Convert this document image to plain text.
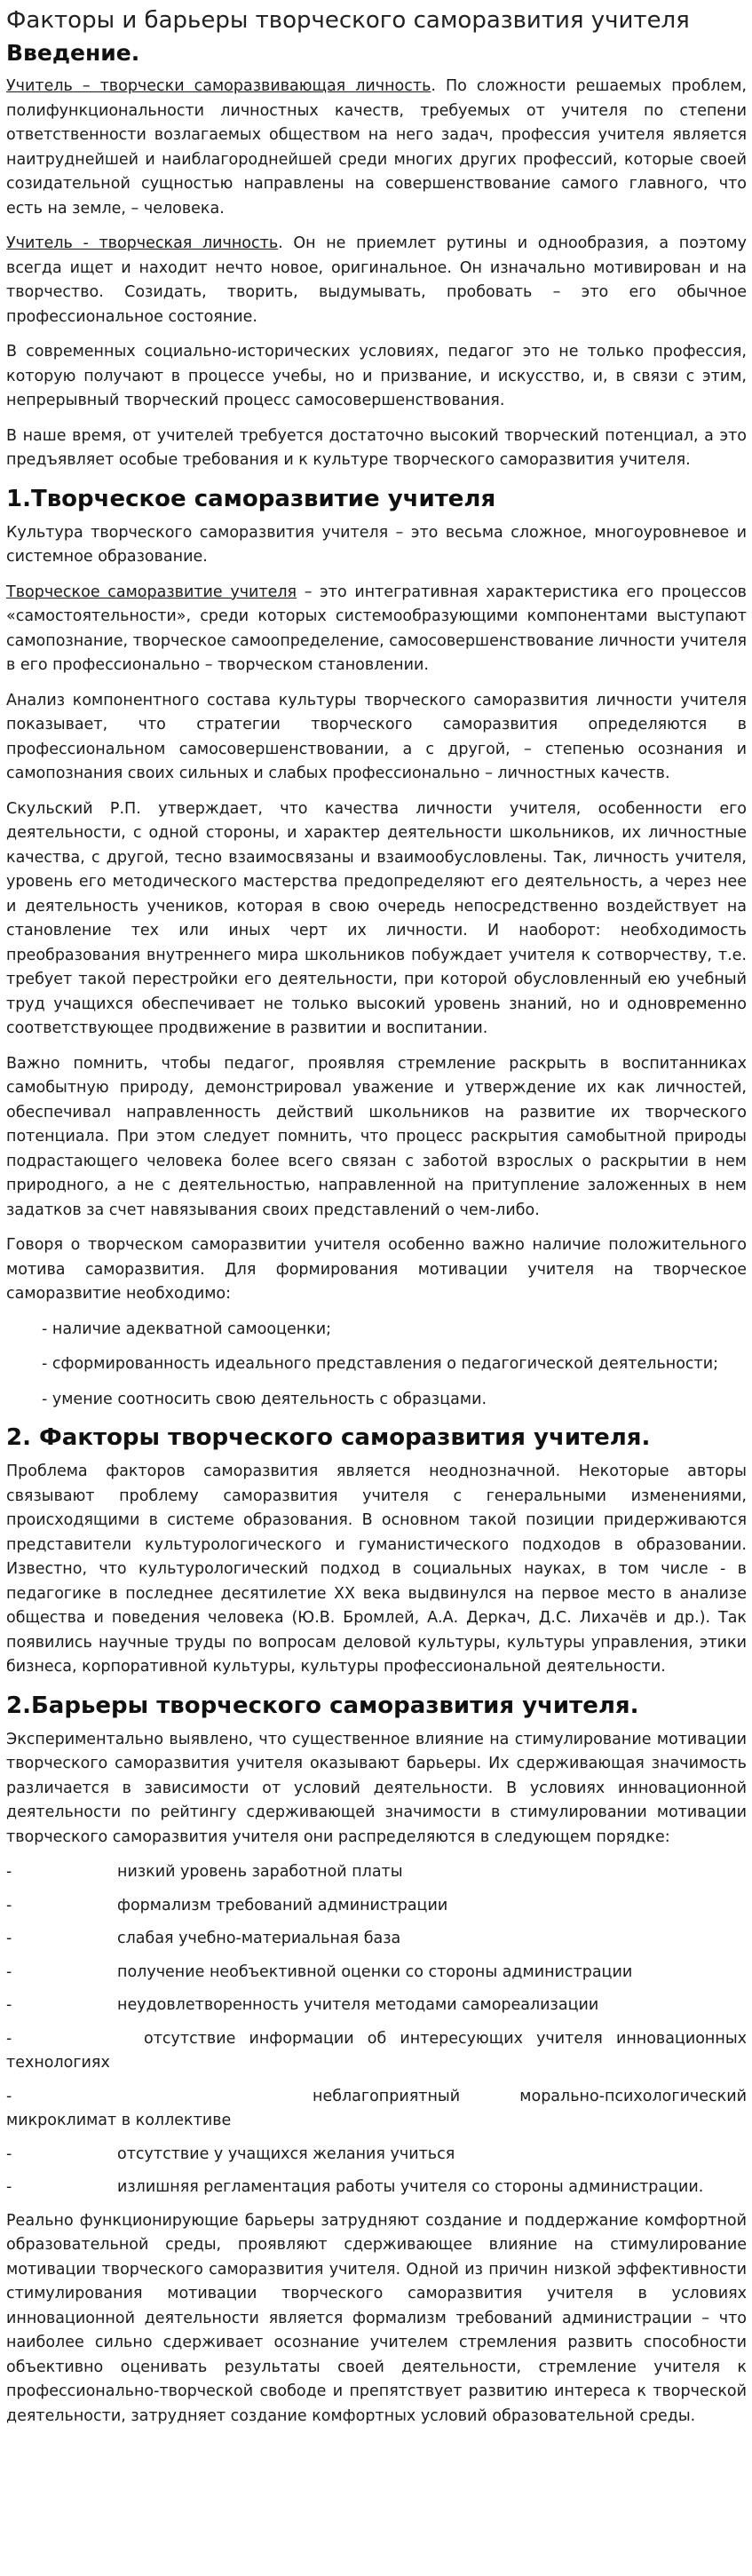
Факторы и барьеры творческого саморазвития учителя
Введение.

Учитель – творчески саморазвивающая личность. По сложности решаемых проблем, полифункциональности личностных качеств, требуемых от учителя по степени ответственности возлагаемых обществом на него задач, профессия учителя является наитруднейшей и наиблагороднейшей среди многих других профессий, которые своей созидательной сущностью направлены на совершенствование самого главного, что есть на земле, – человека.

Учитель - творческая личность. Он не приемлет рутины и однообразия, а поэтому всегда ищет и находит нечто новое, оригинальное. Он изначально мотивирован и на творчество. Созидать, творить, выдумывать, пробовать – это его обычное профессиональное состояние.

В современных социально-исторических условиях, педагог это не только профессия, которую получают в процессе учебы, но и призвание, и искусство, и, в связи с этим, непрерывный творческий процесс самосовершенствования.

В наше время, от учителей требуется достаточно высокий творческий потенциал, а это предъявляет особые требования и к культуре творческого саморазвития учителя.

1.Творческое саморазвитие учителя

Культура творческого саморазвития учителя – это весьма сложное, многоуровневое и системное образование.

Творческое саморазвитие учителя – это интегративная характеристика его процессов «самостоятельности», среди которых системообразующими компонентами выступают самопознание, творческое самоопределение, самосовершенствование личности учителя в его профессионально – творческом становлении.

Анализ компонентного состава культуры творческого саморазвития личности учителя показывает, что стратегии творческого саморазвития определяются в профессиональном самосовершенствовании, а с другой, – степенью осознания и самопознания своих сильных и слабых профессионально – личностных качеств.

Скульский Р.П. утверждает, что качества личности учителя, особенности его деятельности, с одной стороны, и характер деятельности школьников, их личностные качества, с другой, тесно взаимосвязаны и взаимообусловлены. Так, личность учителя, уровень его методического мастерства предопределяют его деятельность, а через нее и деятельность учеников, которая в свою очередь непосредственно воздействует на становление тех или иных черт их личности. И наоборот: необходимость преобразования внутреннего мира школьников побуждает учителя к сотворчеству, т.е. требует такой перестройки его деятельности, при которой обусловленный ею учебный труд учащихся обеспечивает не только высокий уровень знаний, но и одновременно соответствующее продвижение в развитии и воспитании.

Важно помнить, чтобы педагог, проявляя стремление раскрыть в воспитанниках самобытную природу, демонстрировал уважение и утверждение их как личностей, обеспечивал направленность действий школьников на развитие их творческого потенциала. При этом следует помнить, что процесс раскрытия самобытной природы подрастающего человека более всего связан с заботой взрослых о раскрытии в нем природного, а не с деятельностью, направленной на притупление заложенных в нем задатков за счет навязывания своих представлений о чем-либо.

Говоря о творческом саморазвитии учителя особенно важно наличие положительного мотива саморазвития. Для формирования мотивации учителя на творческое саморазвитие необходимо:

- наличие адекватной самооценки;
- сформированность идеального представления о педагогической деятельности;
- умение соотносить свою деятельность с образцами.
2. Факторы творческого саморазвития учителя.

Проблема факторов саморазвития является неоднозначной. Некоторые авторы связывают проблему саморазвития учителя с генеральными изменениями, происходящими в системе образования. В основном такой позиции придерживаются представители культурологического и гуманистического подходов в образовании. Известно, что культурологический подход в социальных науках, в том числе - в педагогике в последнее десятилетие XX века выдвинулся на первое место в анализе общества и поведения человека (Ю.В. Бромлей, А.А. Деркач, Д.С. Лихачёв и др.). Так появились научные труды по вопросам деловой культуры, культуры управления, этики бизнеса, корпоративной культуры, культуры профессиональной деятельности.

2.Барьеры творческого саморазвития учителя.

Экспериментально выявлено, что существенное влияние на стимулирование мотивации творческого саморазвития учителя оказывают барьеры. Их сдерживающая значимость различается в зависимости от условий деятельности. В условиях инновационной деятельности по рейтингу сдерживающей значимости в стимулировании мотивации творческого саморазвития учителя они распределяются в следующем порядке:

-	низкий уровень заработной платы
-	формализм требований администрации
-	слабая учебно-материальная база
-	получение необъективной оценки со стороны администрации
-	неудовлетворенность учителя методами самореализации
-	отсутствие информации об интересующих учителя инновационных технологиях
-	неблагоприятный морально-психологический микроклимат в коллективе
-	отсутствие у учащихся желания учиться
-	излишняя регламентация работы учителя со стороны администрации.

Реально функционирующие барьеры затрудняют создание и поддержание комфортной образовательной среды, проявляют сдерживающее влияние на стимулирование мотивации творческого саморазвития учителя. Одной из причин низкой эффективности стимулирования мотивации творческого саморазвития учителя в условиях инновационной деятельности является формализм требований администрации – что наиболее сильно сдерживает осознание учителем стремления развить способности объективно оценивать результаты своей деятельности, стремление учителя к профессионально-творческой свободе и препятствует развитию интереса к творческой деятельности, затрудняет создание комфортных условий образовательной среды.
